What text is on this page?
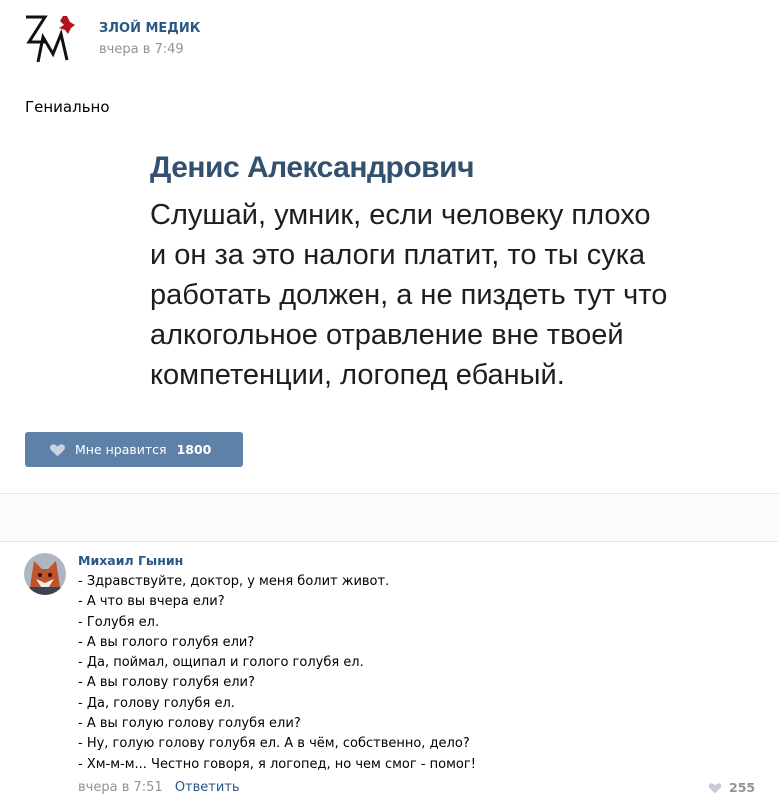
ЗЛОЙ МЕДИК
вчера в 7:49
Гениально
Денис Александрович
Слушай, умник, если человеку плохо
и он за это налоги платит, то ты сука
работать должен, а не пиздеть тут что
алкогольное отравление вне твоей
компетенции, логопед ебаный.
Мне нравится 1800
Михаил Гынин
- Здравствуйте, доктор, у меня болит живот.
- А что вы вчера ели?
- Голубя ел.
- А вы голого голубя ели?
- Да, поймал, ощипал и голого голубя ел.
- А вы голову голубя ели?
- Да, голову голубя ел.
- А вы голую голову голубя ели?
- Ну, голую голову голубя ел. А в чём, собственно, дело?
- Хм-м-м... Честно говоря, я логопед, но чем смог - помог!
вчера в 7:51 Ответить	255
